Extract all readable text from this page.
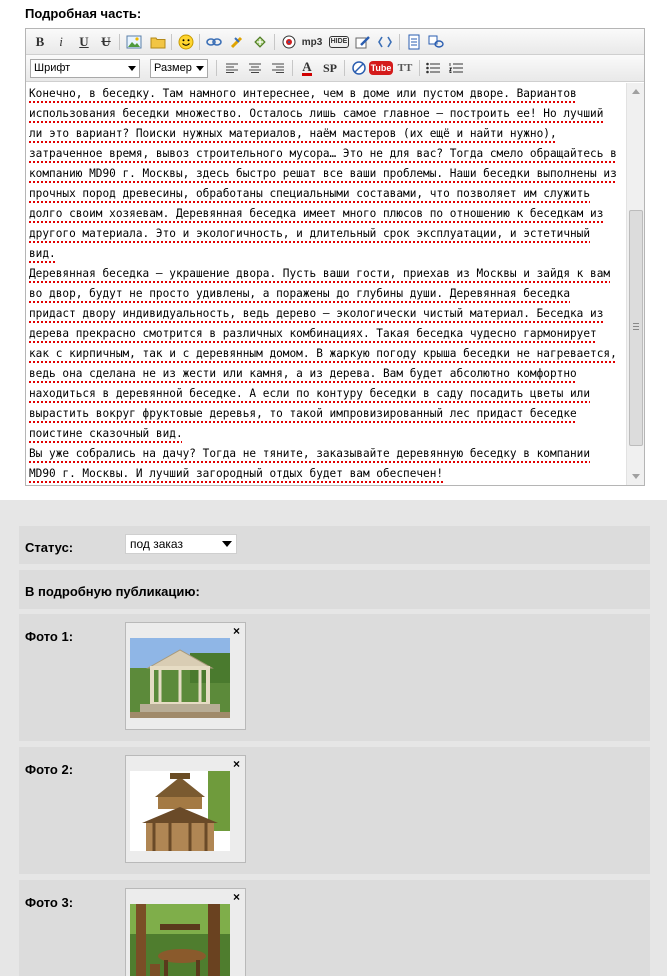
Подробная часть:
B	i	U U	mp3	HIDE
Шрифт	Размер	A SP	Tube TT

Конечно, в беседку. Там намного интереснее, чем в доме или пустом дворе. Вариантов использования беседки множество. Осталось лишь самое главное – построить ее! Но лучший ли это вариант? Поиски нужных материалов, наём мастеров (их ещё и найти нужно), затраченное время, вывоз строительного мусора… Это не для вас? Тогда смело обращайтесь в компанию MD90 г. Москвы, здесь быстро решат все ваши проблемы. Наши беседки выполнены из прочных пород древесины, обработаны специальными составами, что позволяет им служить долго своим хозяевам. Деревянная беседка имеет много плюсов по отношению к беседкам из другого материала. Это и экологичность, и длительный срок эксплуатации, и эстетичный вид.

Деревянная беседка – украшение двора. Пусть ваши гости, приехав из Москвы и зайдя к вам во двор, будут не просто удивлены, а поражены до глубины души. Деревянная беседка придаст двору индивидуальность, ведь дерево – экологически чистый материал. Беседка из дерева прекрасно смотрится в различных комбинациях. Такая беседка чудесно гармонирует как с кирпичным, так и с деревянным домом. В жаркую погоду крыша беседки не нагревается, ведь она сделана не из жести или камня, а из дерева. Вам будет абсолютно комфортно находиться в деревянной беседке. А если по контуру беседки в саду посадить цветы или вырастить вокруг фруктовые деревья, то такой импровизированный лес придаст беседке поистине сказочный вид.

Вы уже собрались на дачу? Тогда не тяните, заказывайте деревянную беседку в компании MD90 г. Москвы. И лучший загородный отдых будет вам обеспечен!

Статус:	под заказ
В подробную публикацию:
Фото 1:	×
Фото 2:	×
Фото 3:	×
